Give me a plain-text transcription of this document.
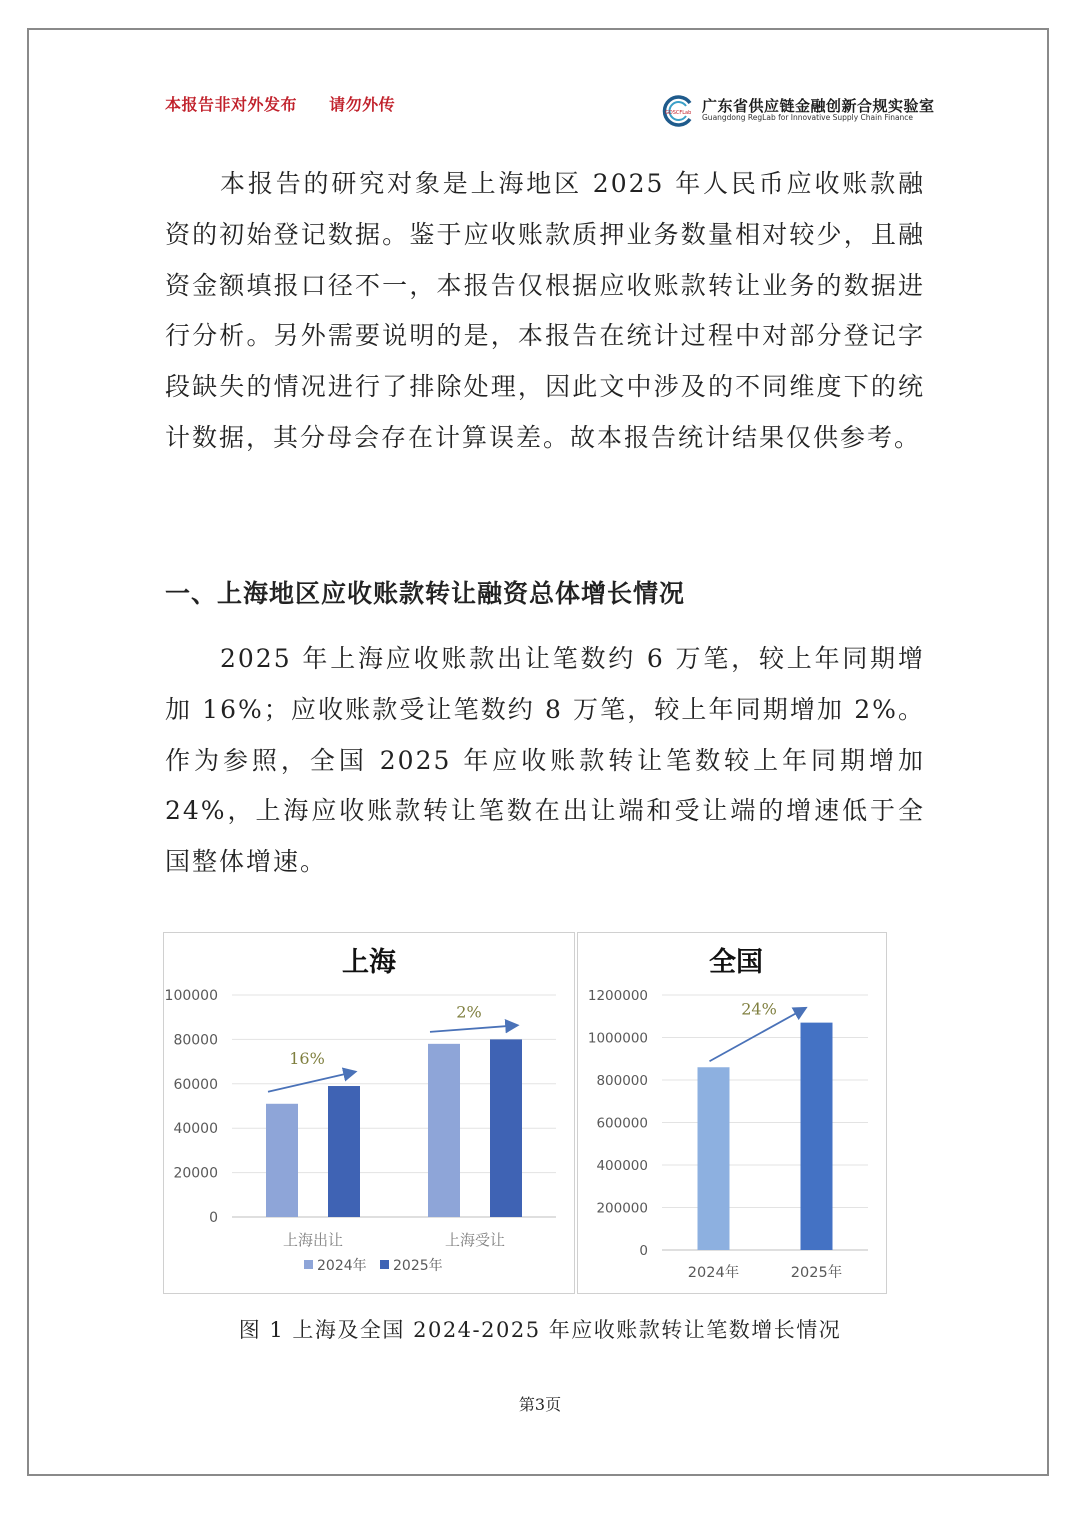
本报告非对外发布 请勿外传	GDSCFLab 广东省供应链金融创新合规实验室
Guangdong RegLab for Innovative Supply Chain Finance

本报告的研究对象是上海地区 2025 年人民币应收账款融资的初始登记数据。鉴于应收账款质押业务数量相对较少，且融资金额填报口径不一，本报告仅根据应收账款转让业务的数据进行分析。另外需要说明的是，本报告在统计过程中对部分登记字段缺失的情况进行了排除处理，因此文中涉及的不同维度下的统计数据，其分母会存在计算误差。故本报告统计结果仅供参考。

一、上海地区应收账款转让融资总体增长情况

2025 年上海应收账款出让笔数约 6 万笔，较上年同期增加 16%；应收账款受让笔数约 8 万笔，较上年同期增加 2%。作为参照，全国 2025 年应收账款转让笔数较上年同期增加 24%，上海应收账款转让笔数在出让端和受让端的增速低于全国整体增速。

上海
0
20000
40000
60000
80000
100000
上海出让	上海受让
16%
2%
2024年 2025年
全国
0
200000
400000
600000
800000
1000000
1200000
2024年	2025年
24%

图 1 上海及全国 2024-2025 年应收账款转让笔数增长情况

第3页
